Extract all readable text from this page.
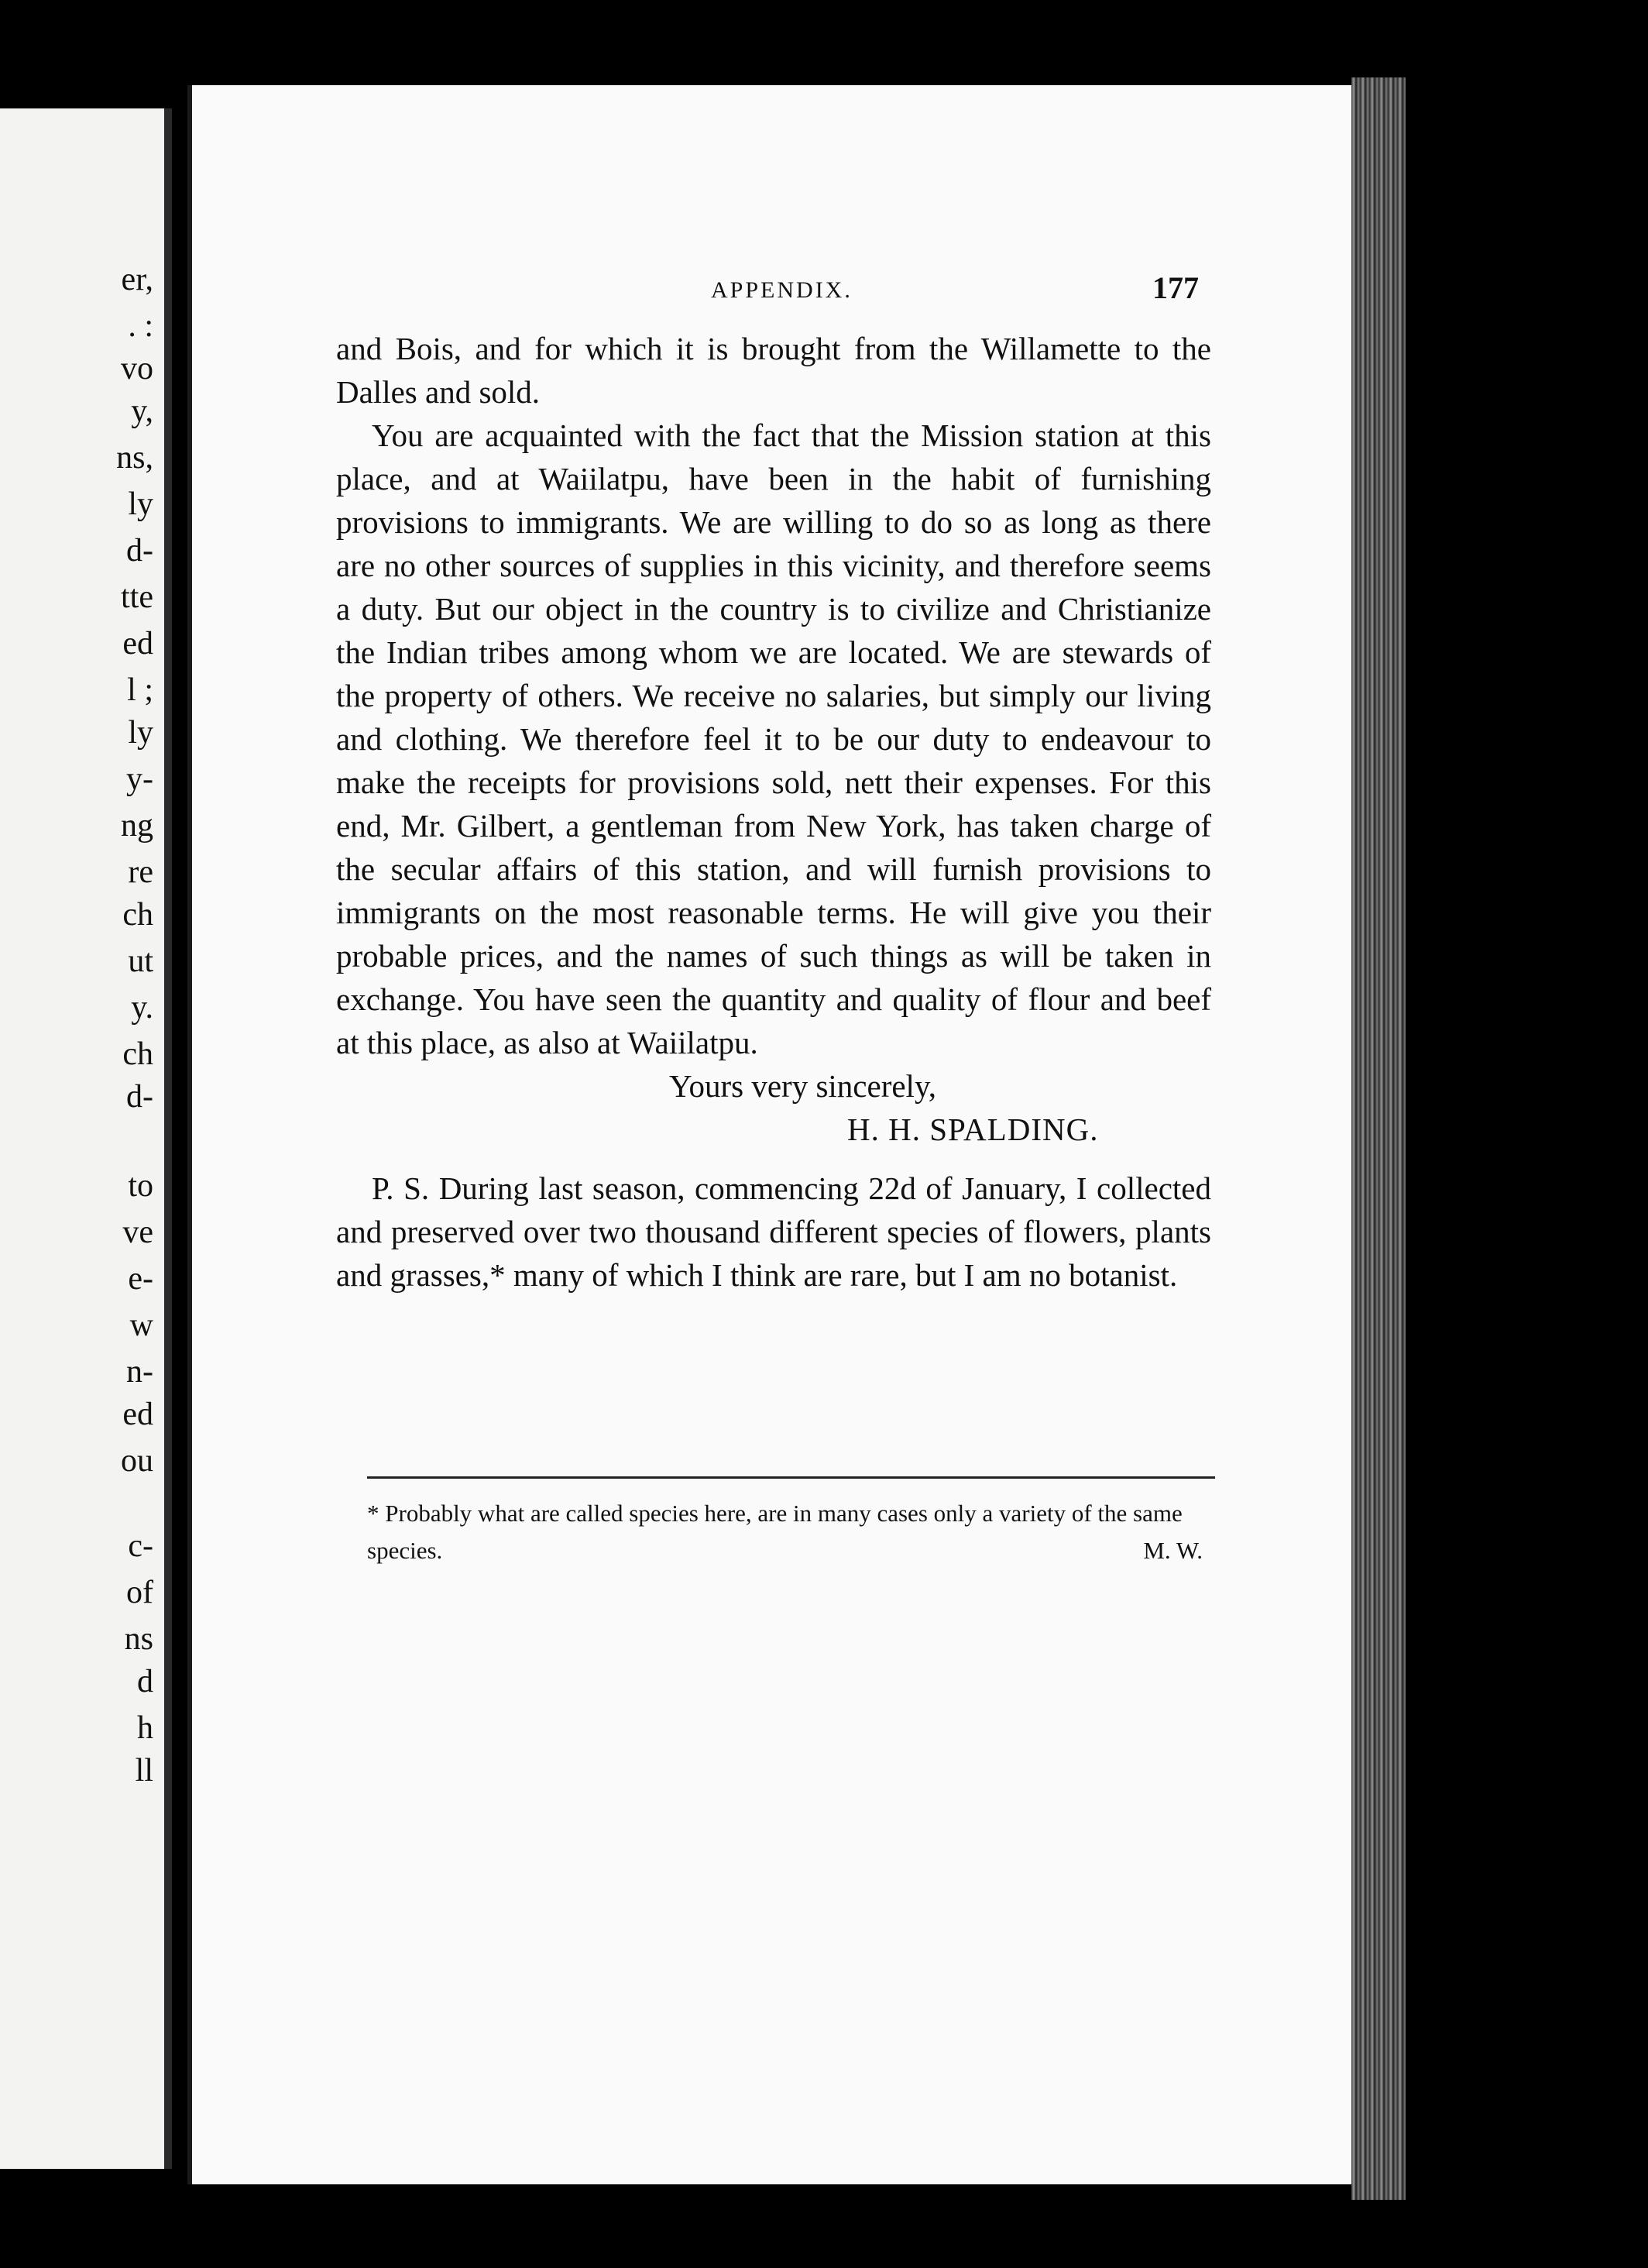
er,
. :
vo
y,
ns,
ly
d-
tte
ed
l ;
ly
y-
ng
re
ch
ut
y.
ch
d-
to
ve
e-
w
n-
ed
ou
c-
of
ns
d
h
ll
APPENDIX.	177

and Bois, and for which it is brought from the Willamette to the Dalles and sold.

You are acquainted with the fact that the Mission station at this place, and at Waiilatpu, have been in the habit of furnishing provisions to immigrants. We are willing to do so as long as there are no other sources of supplies in this vicinity, and therefore seems a duty. But our object in the country is to civilize and Christianize the Indian tribes among whom we are located. We are stewards of the property of others. We receive no salaries, but simply our living and clothing. We therefore feel it to be our duty to endeavour to make the receipts for provisions sold, nett their expenses. For this end, Mr. Gilbert, a gentleman from New York, has taken charge of the secular affairs of this station, and will furnish provisions to immigrants on the most reasonable terms. He will give you their probable prices, and the names of such things as will be taken in exchange. You have seen the quantity and quality of flour and beef at this place, as also at Waiilatpu.

Yours very sincerely,

H. H. SPALDING.

P. S. During last season, commencing 22d of January, I collected and preserved over two thousand different species of flowers, plants and grasses,* many of which I think are rare, but I am no botanist.

* Probably what are called species here, are in many cases only a variety of the same species.	M. W.
